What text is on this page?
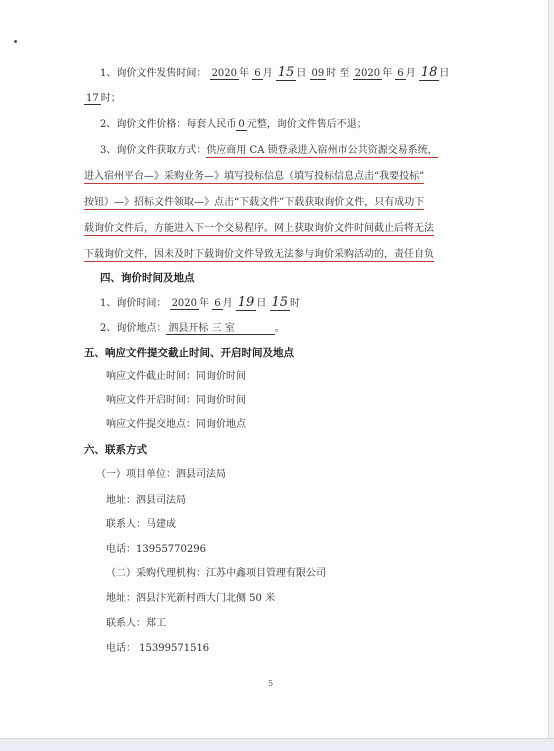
1、询价文件发售时间： 2020 年 6 月 15 日 09 时 至 2020 年 6 月 18 日
17 时；
2、询价文件价格：每套人民币 0 元整，询价文件售后不退；
3、询价文件获取方式：供应商用 CA 锁登录进入宿州市公共资源交易系统，
进入宿州平台—》采购业务—》填写投标信息（填写投标信息点击“我要投标”
按钮）—》招标文件领取—》点击“下载文件”下载获取询价文件，只有成功下
载询价文件后，方能进入下一个交易程序。网上获取询价文件时间截止后将无法
下载询价文件，因未及时下载询价文件导致无法参与询价采购活动的，责任自负
四、询价时间及地点
1、询价时间： 2020 年 6 月 19 日 15 时
2、询价地点： 泗县开标 三 室	。
五、响应文件提交截止时间、开启时间及地点
响应文件截止时间：同询价时间
响应文件开启时间：同询价时间
响应文件提交地点：同询价地点
六、联系方式
（一）项目单位：泗县司法局
地址：泗县司法局
联系人：马建成
电话：13955770296
（二）采购代理机构：江苏中鑫项目管理有限公司
地址：泗县汴光新村西大门北侧 50 米
联系人：郑工
电话： 15399571516
5
